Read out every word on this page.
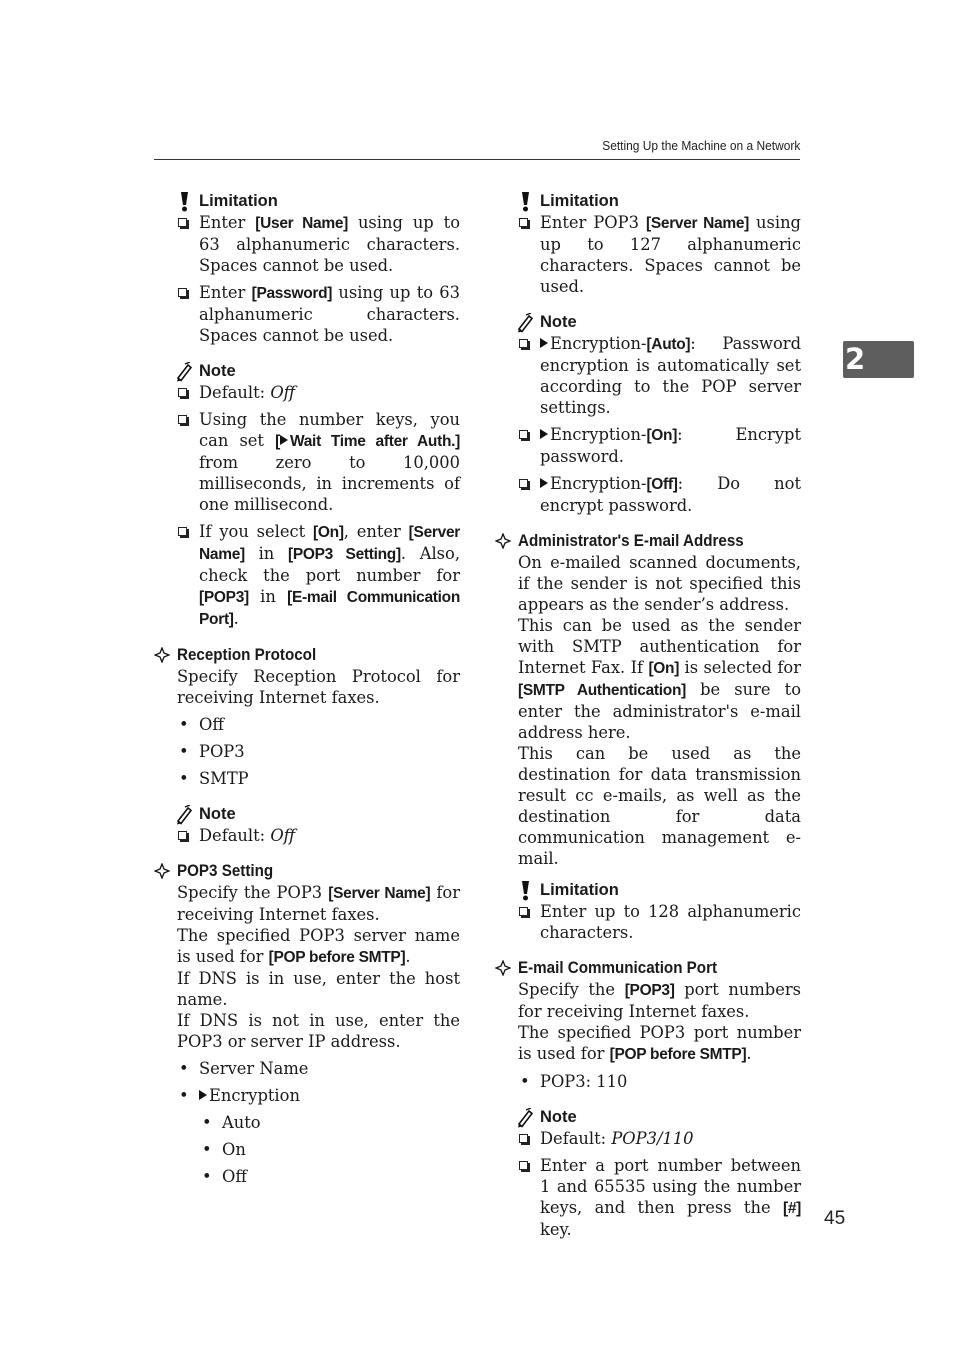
Setting Up the Machine on a Network
2
45
Limitation
Enter [User Name] using up to 63 alphanumeric characters. Spaces cannot be used.
Enter [Password] using up to 63 alphanumeric characters. Spaces cannot be used.
Note
Default: Off
Using the number keys, you can set [ Wait Time after Auth.] from zero to 10,000 milliseconds, in increments of one millisecond.
If you select [On], enter [Server Name] in [POP3 Setting]. Also, check the port number for [POP3] in [E-mail Communication Port].
Reception Protocol
Specify Reception Protocol for receiving Internet faxes.
• Off
• POP3
• SMTP
Note
Default: Off
POP3 Setting
Specify the POP3 [Server Name] for receiving Internet faxes.
The specified POP3 server name is used for [POP before SMTP].
If DNS is in use, enter the host name.
If DNS is not in use, enter the POP3 or server IP address.
• Server Name
• Encryption
• Auto
• On
• Off
Limitation
Enter POP3 [Server Name] using up to 127 alphanumeric characters. Spaces cannot be used.
Note
Encryption-[Auto]: Password encryption is automatically set according to the POP server settings.
Encryption-[On]: Encrypt password.
Encryption-[Off]: Do not encrypt password.
Administrator's E-mail Address
On e-mailed scanned documents, if the sender is not specified this appears as the sender’s address.
This can be used as the sender with SMTP authentication for Internet Fax. If [On] is selected for [SMTP Authentication] be sure to enter the administrator's e-mail address here.
This can be used as the destination for data transmission result cc e-mails, as well as the destination for data communication management e-mail.
Limitation
Enter up to 128 alphanumeric characters.
E-mail Communication Port
Specify the [POP3] port numbers for receiving Internet faxes.
The specified POP3 port number is used for [POP before SMTP].
• POP3: 110
Note
Default: POP3/110
Enter a port number between 1 and 65535 using the number keys, and then press the [#] key.
